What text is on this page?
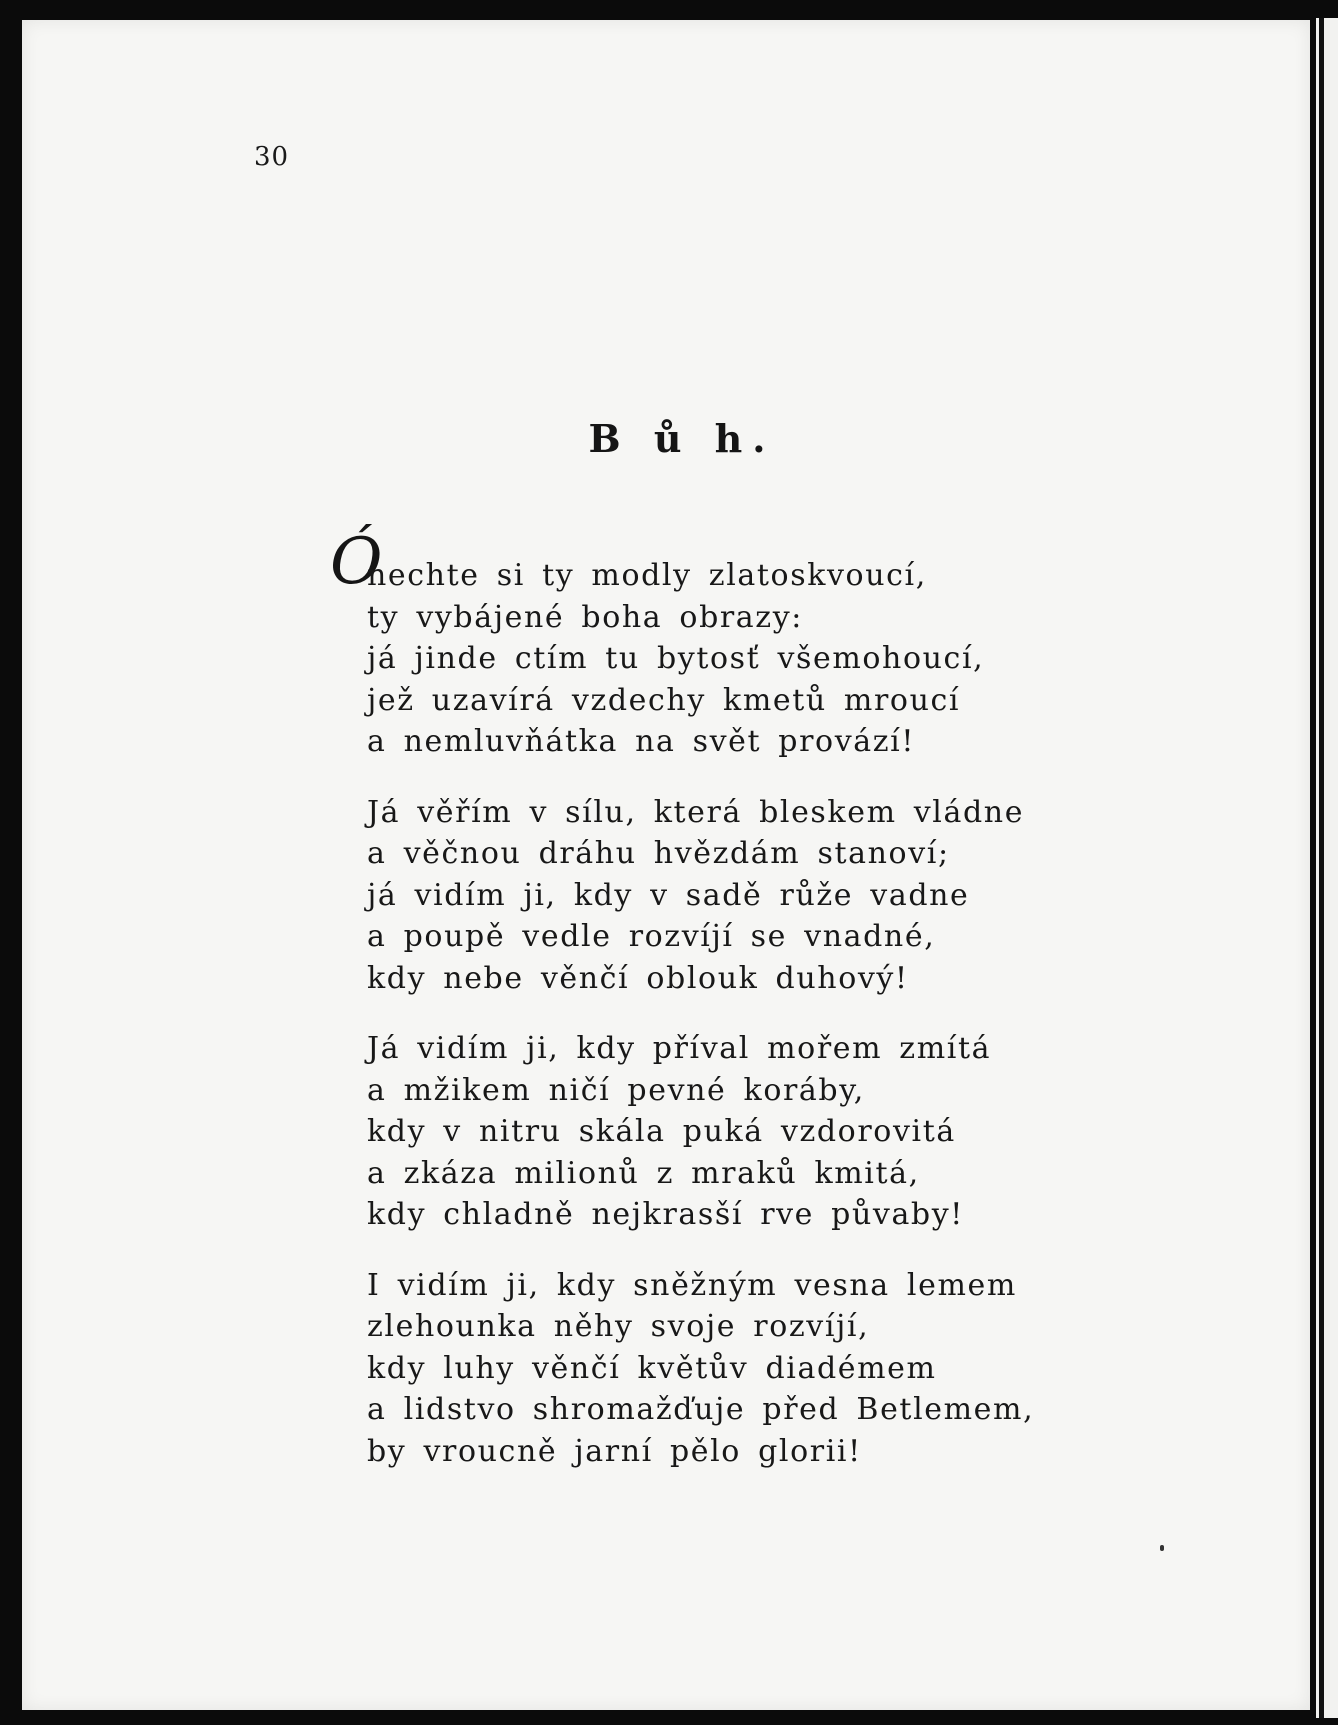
30
B ů h.
Ó
nechte si ty modly zlatoskvoucí,
ty vybájené boha obrazy:
já jinde ctím tu bytosť všemohoucí,
jež uzavírá vzdechy kmetů mroucí
a nemluvňátka na svět provází!
Já věřím v sílu, která bleskem vládne
a věčnou dráhu hvězdám stanoví;
já vidím ji, kdy v sadě růže vadne
a poupě vedle rozvíjí se vnadné,
kdy nebe věnčí oblouk duhový!
Já vidím ji, kdy příval mořem zmítá
a mžikem ničí pevné koráby,
kdy v nitru skála puká vzdorovitá
a zkáza milionů z mraků kmitá,
kdy chladně nejkrasší rve půvaby!
I vidím ji, kdy sněžným vesna lemem
zlehounka něhy svoje rozvíjí,
kdy luhy věnčí květův diadémem
a lidstvo shromažďuje před Betlemem,
by vroucně jarní pělo glorii!
